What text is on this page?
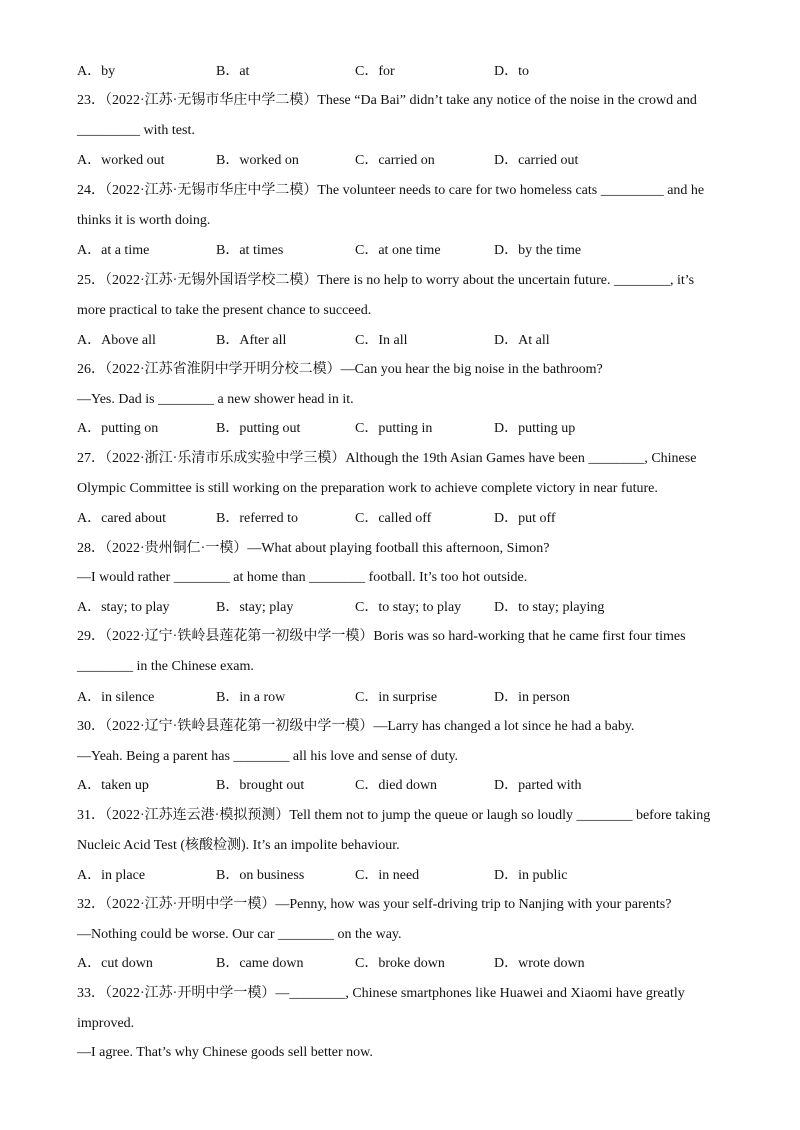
A．by	B．at	C．for	D．to
23．（2022·江苏·无锡市华庄中学二模）These “Da Bai” didn’t take any notice of the noise in the crowd and
_________ with test.
A．worked out	B．worked on	C．carried on	D．carried out
24．（2022·江苏·无锡市华庄中学二模）The volunteer needs to care for two homeless cats _________ and he
thinks it is worth doing.
A．at a time	B．at times	C．at one time	D．by the time
25．（2022·江苏·无锡外国语学校二模）There is no help to worry about the uncertain future. ________, it’s
more practical to take the present chance to succeed.
A．Above all	B．After all	C．In all	D．At all
26．（2022·江苏省淮阴中学开明分校二模）—Can you hear the big noise in the bathroom?
—Yes. Dad is ________ a new shower head in it.
A．putting on	B．putting out	C．putting in	D．putting up
27．（2022·浙江·乐清市乐成实验中学三模）Although the 19th Asian Games have been ________, Chinese
Olympic Committee is still working on the preparation work to achieve complete victory in near future.
A．cared about	B．referred to	C．called off	D．put off
28．（2022·贵州铜仁·一模）—What about playing football this afternoon, Simon?
—I would rather ________ at home than ________ football. It’s too hot outside.
A．stay; to play	B．stay; play	C．to stay; to play D．to stay; playing
29．（2022·辽宁·铁岭县莲花第一初级中学一模）Boris was so hard-working that he came first four times
________ in the Chinese exam.
A．in silence	B．in a row	C．in surprise	D．in person
30．（2022·辽宁·铁岭县莲花第一初级中学一模）—Larry has changed a lot since he had a baby.
—Yeah. Being a parent has ________ all his love and sense of duty.
A．taken up	B．brought out	C．died down	D．parted with
31．（2022·江苏连云港·模拟预测）Tell them not to jump the queue or laugh so loudly ________ before taking
Nucleic Acid Test (核酸检测). It’s an impolite behaviour.
A．in place	B．on business	C．in need	D．in public
32．（2022·江苏·开明中学一模）—Penny, how was your self-driving trip to Nanjing with your parents?
—Nothing could be worse. Our car ________ on the way.
A．cut down	B．came down	C．broke down	D．wrote down
33．（2022·江苏·开明中学一模）—________, Chinese smartphones like Huawei and Xiaomi have greatly
improved.
—I agree. That’s why Chinese goods sell better now.
